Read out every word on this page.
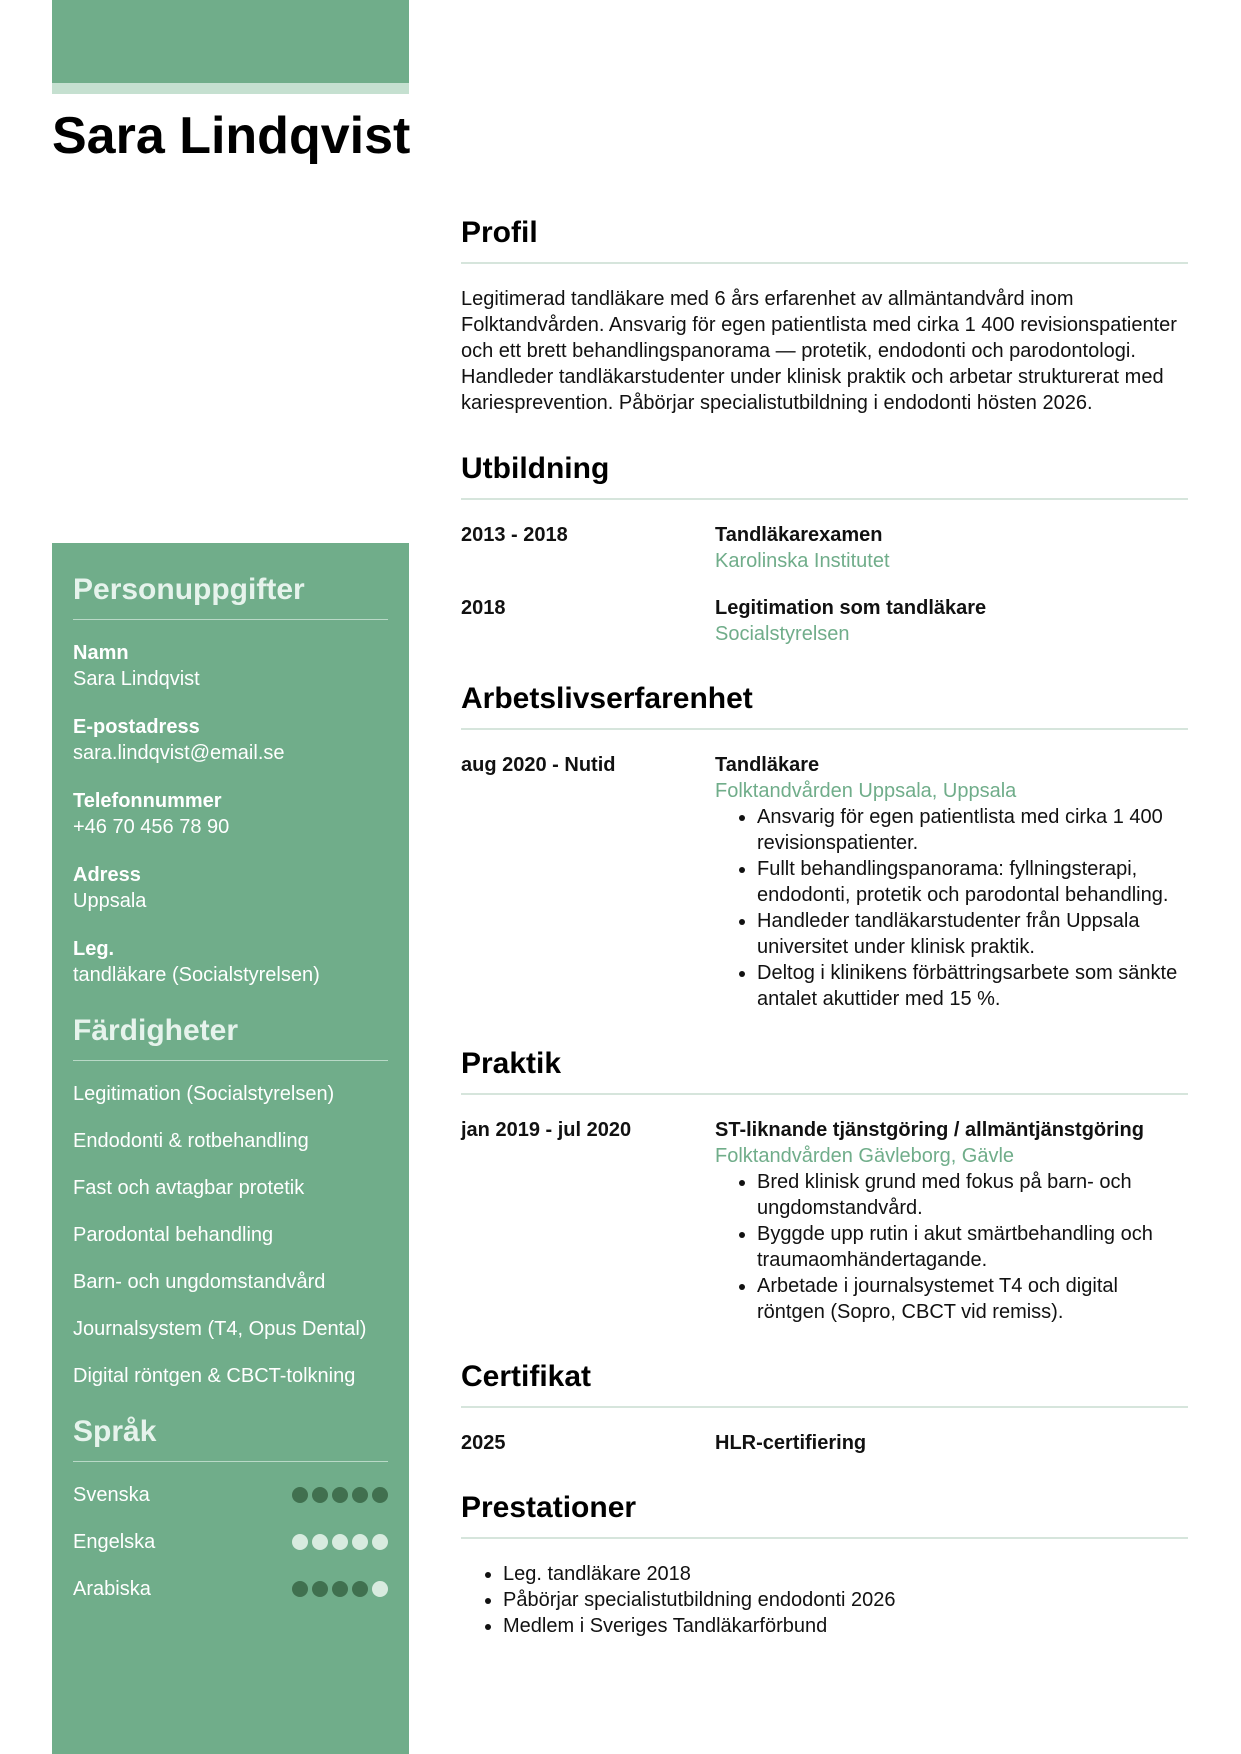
Sara Lindqvist
Personuppgifter
Namn
Sara Lindqvist
E-postadress
sara.lindqvist@email.se
Telefonnummer
+46 70 456 78 90
Adress
Uppsala
Leg.
tandläkare (Socialstyrelsen)
Färdigheter
Legitimation (Socialstyrelsen)
Endodonti & rotbehandling
Fast och avtagbar protetik
Parodontal behandling
Barn- och ungdomstandvård
Journalsystem (T4, Opus Dental)
Digital röntgen & CBCT-tolkning
Språk
Svenska
Engelska
Arabiska
Profil

Legitimerad tandläkare med 6 års erfarenhet av allmäntandvård inom Folktandvården. Ansvarig för egen patientlista med cirka 1 400 revisionspatienter och ett brett behandlingspanorama — protetik, endodonti och parodontologi. Handleder tandläkarstudenter under klinisk praktik och arbetar strukturerat med kariesprevention. Påbörjar specialistutbildning i endodonti hösten 2026.

Utbildning
2013 - 2018	Tandläkarexamen
Karolinska Institutet
2018	Legitimation som tandläkare
Socialstyrelsen
Arbetslivserfarenhet
aug 2020 - Nutid	Tandläkare
Folktandvården Uppsala, Uppsala
• Ansvarig för egen patientlista med cirka 1 400 revisionspatienter.
• Fullt behandlingspanorama: fyllningsterapi, endodonti, protetik och parodontal behandling.
• Handleder tandläkarstudenter från Uppsala universitet under klinisk praktik.
• Deltog i klinikens förbättringsarbete som sänkte antalet akuttider med 15 %.
Praktik
jan 2019 - jul 2020	ST-liknande tjänstgöring / allmäntjänstgöring
Folktandvården Gävleborg, Gävle
• Bred klinisk grund med fokus på barn- och ungdomstandvård.
• Byggde upp rutin i akut smärtbehandling och traumaomhändertagande.
• Arbetade i journalsystemet T4 och digital röntgen (Sopro, CBCT vid remiss).
Certifikat
2025	HLR-certifiering
Prestationer
• Leg. tandläkare 2018
• Påbörjar specialistutbildning endodonti 2026
• Medlem i Sveriges Tandläkarförbund
